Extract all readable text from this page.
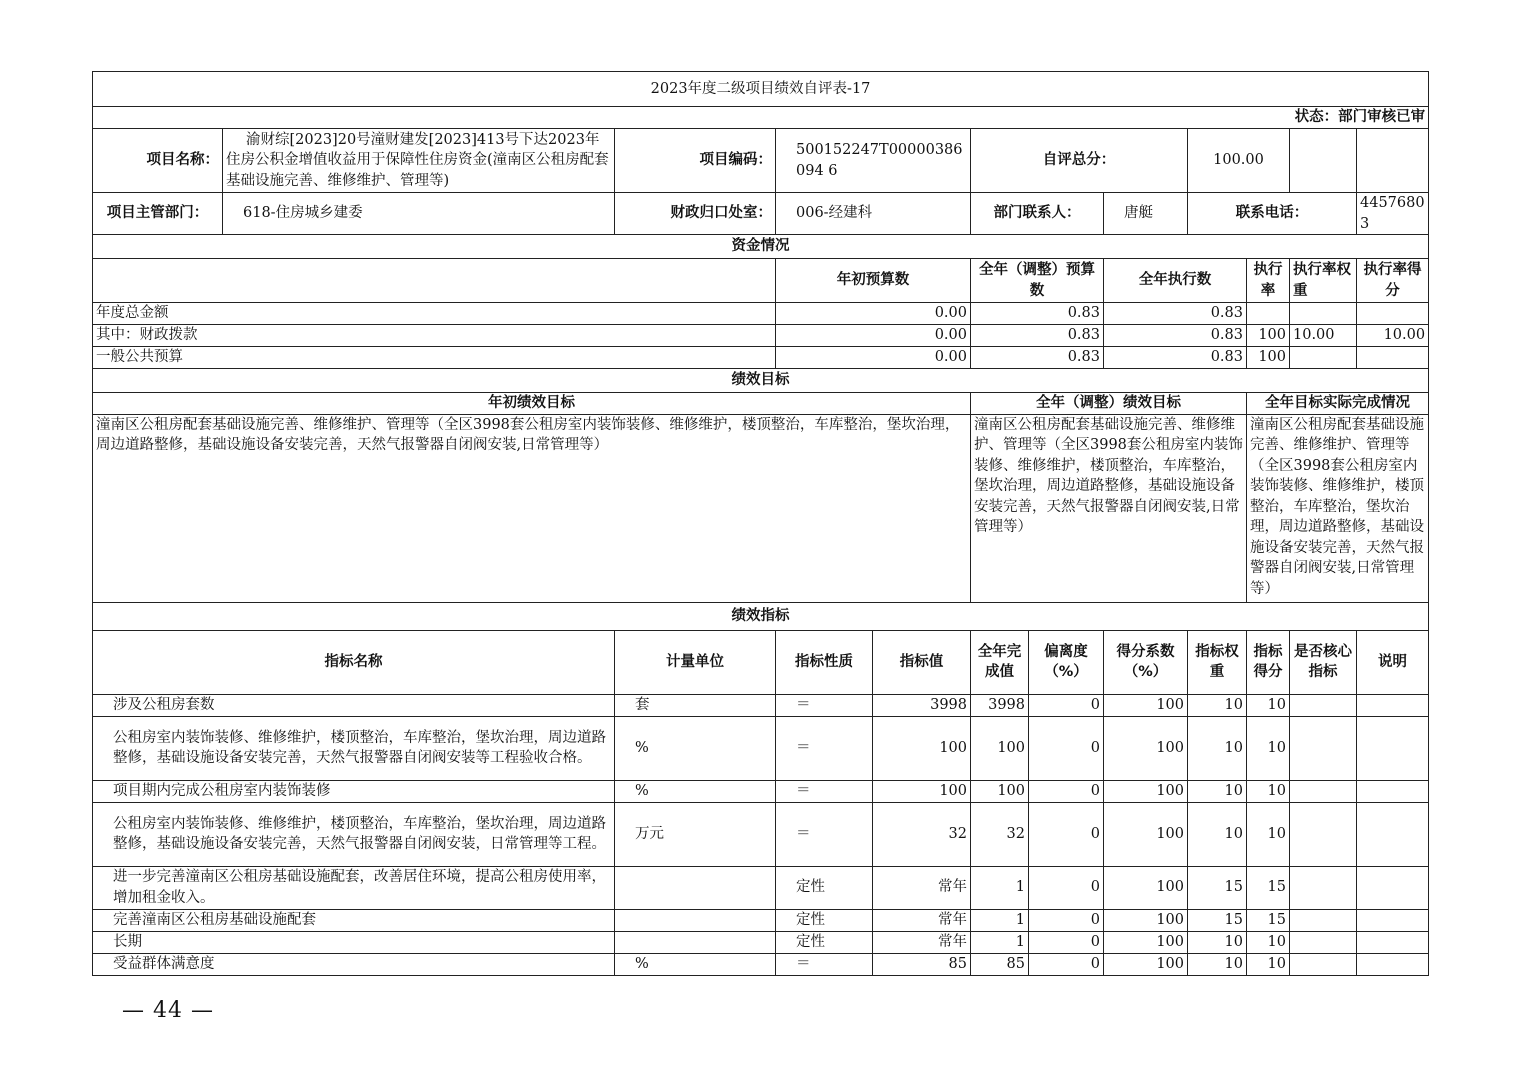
2023年度二级项目绩效自评表-17											
状态：部门审核已审											
项目名称：	渝财综[2023]20号潼财建发[2023]413号下达2023年住房公积金增值收益用于保障性住房资金(潼南区公租房配套基础设施完善、维修维护、管理等)	项目编码：	500152247T00000386094 6		自评总分：			100.00			
项目主管部门：	618-住房城乡建委	财政归口处室：	006-经建科		部门联系人：		唐艇	联系电话：			44576803
资金情况											
			年初预算数		全年（调整）预算数		全年执行数		执行率	执行率权重	执行率得分
年度总金额			0.00		0.83		0.83				
其中：财政拨款			0.00		0.83		0.83		100	10.00	10.00
一般公共预算			0.00		0.83		0.83		100		
绩效目标											
年初绩效目标					全年（调整）绩效目标				全年目标实际完成情况		
潼南区公租房配套基础设施完善、维修维护、管理等（全区3998套公租房室内装饰装修、维修维护，楼顶整治，车库整治，堡坎治理，周边道路整修，基础设施设备安装完善，天然气报警器自闭阀安装,日常管理等）					潼南区公租房配套基础设施完善、维修维护、管理等（全区3998套公租房室内装饰装修、维修维护，楼顶整治，车库整治，堡坎治理，周边道路整修，基础设施设备安装完善，天然气报警器自闭阀安装,日常管理等）				潼南区公租房配套基础设施完善、维修维护、管理等（全区3998套公租房室内装饰装修、维修维护，楼顶整治，车库整治，堡坎治理，周边道路整修，基础设施设备安装完善，天然气报警器自闭阀安装,日常管理等）		
绩效指标											
指标名称		计量单位	指标性质	指标值	全年完成值	偏离度（%）	得分系数（%）	指标权重	指标得分	是否核心指标	说明
涉及公租房套数		套	＝	3998	3998	0	100	10	10		
公租房室内装饰装修、维修维护，楼顶整治，车库整治，堡坎治理，周边道路整修，基础设施设备安装完善，天然气报警器自闭阀安装等工程验收合格。		%	＝	100	100	0	100	10	10		
项目期内完成公租房室内装饰装修		%	＝	100	100	0	100	10	10		
公租房室内装饰装修、维修维护，楼顶整治，车库整治，堡坎治理，周边道路整修，基础设施设备安装完善，天然气报警器自闭阀安装，日常管理等工程。		万元	＝	32	32	0	100	10	10		
进一步完善潼南区公租房基础设施配套，改善居住环境，提高公租房使用率，增加租金收入。			定性	常年	1	0	100	15	15		
完善潼南区公租房基础设施配套			定性	常年	1	0	100	15	15		
长期			定性	常年	1	0	100	10	10		
受益群体满意度		%	＝	85	85	0	100	10	10		
— 44 —
